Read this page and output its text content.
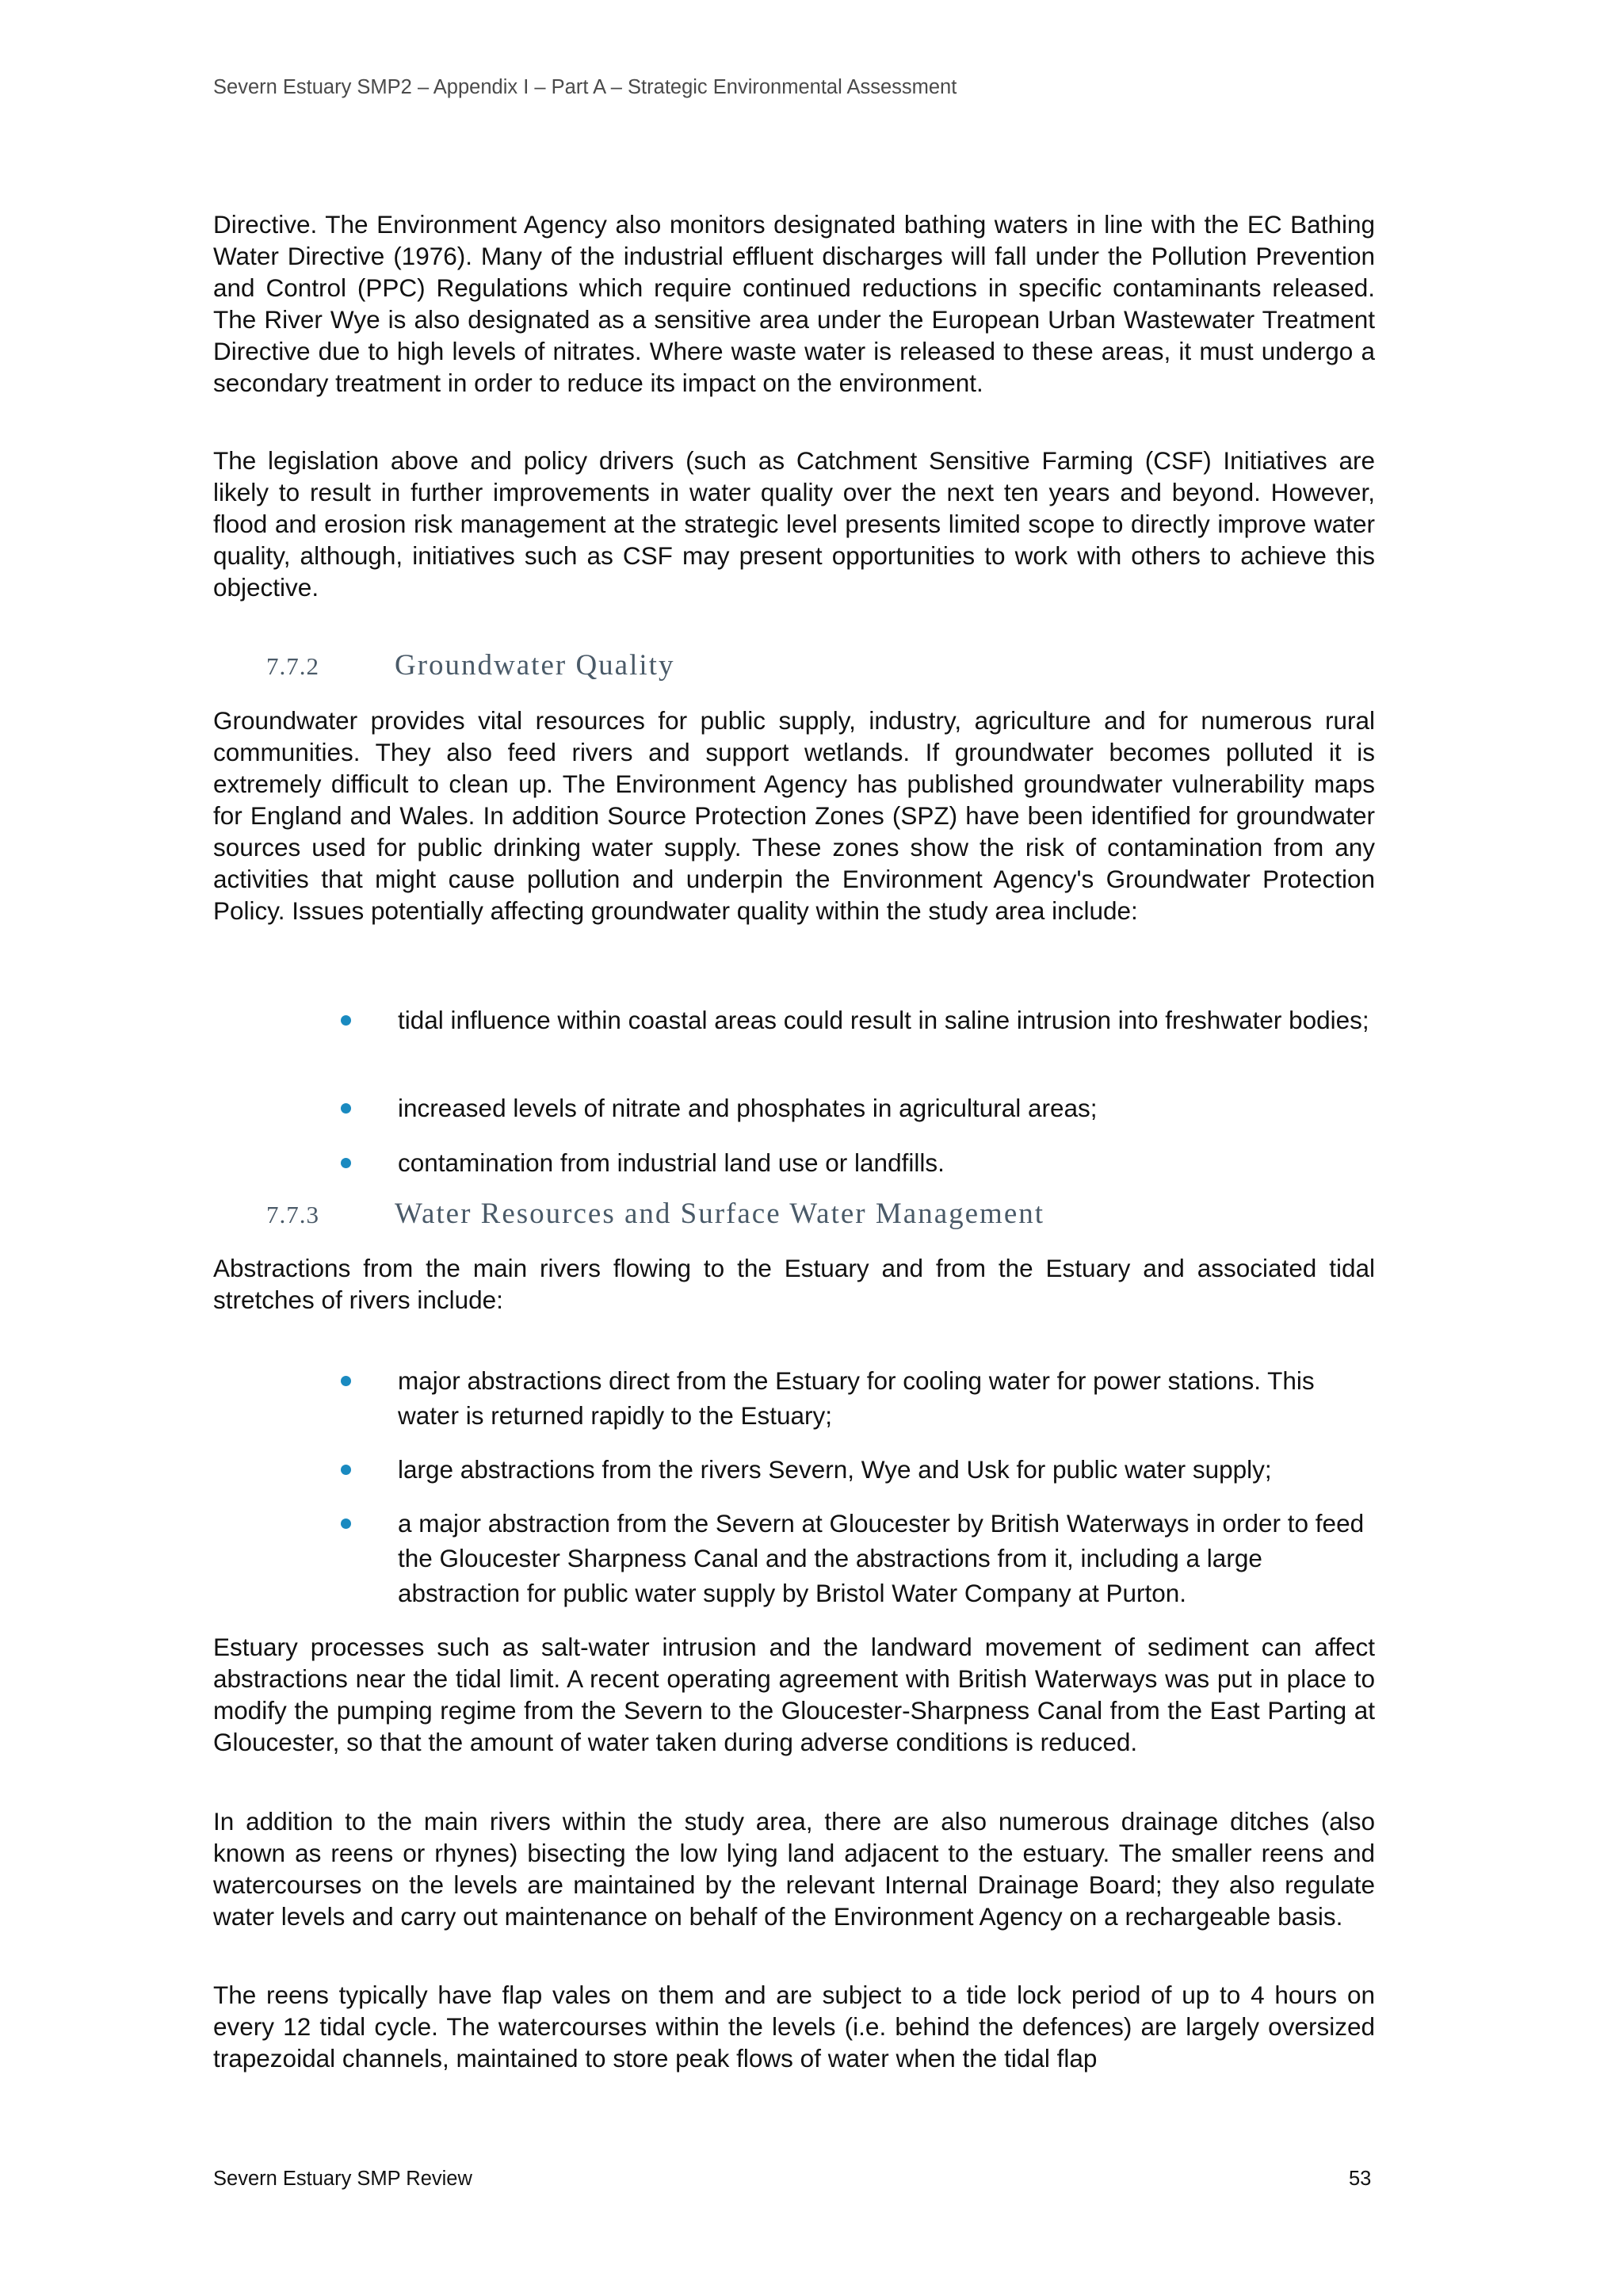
Severn Estuary SMP2 – Appendix I – Part A – Strategic Environmental Assessment

Directive. The Environment Agency also monitors designated bathing waters in line with the EC Bathing Water Directive (1976). Many of the industrial effluent discharges will fall under the Pollution Prevention and Control (PPC) Regulations which require continued reductions in specific contaminants released. The River Wye is also designated as a sensitive area under the European Urban Wastewater Treatment Directive due to high levels of nitrates. Where waste water is released to these areas, it must undergo a secondary treatment in order to reduce its impact on the environment.

The legislation above and policy drivers (such as Catchment Sensitive Farming (CSF) Initiatives are likely to result in further improvements in water quality over the next ten years and beyond. However, flood and erosion risk management at the strategic level presents limited scope to directly improve water quality, although, initiatives such as CSF may present opportunities to work with others to achieve this objective.

7.7.2	Groundwater Quality

Groundwater provides vital resources for public supply, industry, agriculture and for numerous rural communities. They also feed rivers and support wetlands. If groundwater becomes polluted it is extremely difficult to clean up. The Environment Agency has published groundwater vulnerability maps for England and Wales. In addition Source Protection Zones (SPZ) have been identified for groundwater sources used for public drinking water supply. These zones show the risk of contamination from any activities that might cause pollution and underpin the Environment Agency's Groundwater Protection Policy. Issues potentially affecting groundwater quality within the study area include:

tidal influence within coastal areas could result in saline intrusion into freshwater bodies;
increased levels of nitrate and phosphates in agricultural areas;
contamination from industrial land use or landfills.
7.7.3	Water Resources and Surface Water Management

Abstractions from the main rivers flowing to the Estuary and from the Estuary and associated tidal stretches of rivers include:

major abstractions direct from the Estuary for cooling water for power stations. This water is returned rapidly to the Estuary;
large abstractions from the rivers Severn, Wye and Usk for public water supply;
a major abstraction from the Severn at Gloucester by British Waterways in order to feed the Gloucester Sharpness Canal and the abstractions from it, including a large abstraction for public water supply by Bristol Water Company at Purton.

Estuary processes such as salt-water intrusion and the landward movement of sediment can affect abstractions near the tidal limit. A recent operating agreement with British Waterways was put in place to modify the pumping regime from the Severn to the Gloucester-Sharpness Canal from the East Parting at Gloucester, so that the amount of water taken during adverse conditions is reduced.

In addition to the main rivers within the study area, there are also numerous drainage ditches (also known as reens or rhynes) bisecting the low lying land adjacent to the estuary. The smaller reens and watercourses on the levels are maintained by the relevant Internal Drainage Board; they also regulate water levels and carry out maintenance on behalf of the Environment Agency on a rechargeable basis.

The reens typically have flap vales on them and are subject to a tide lock period of up to 4 hours on every 12 tidal cycle. The watercourses within the levels (i.e. behind the defences) are largely oversized trapezoidal channels, maintained to store peak flows of water when the tidal flap

Severn Estuary SMP Review	53
